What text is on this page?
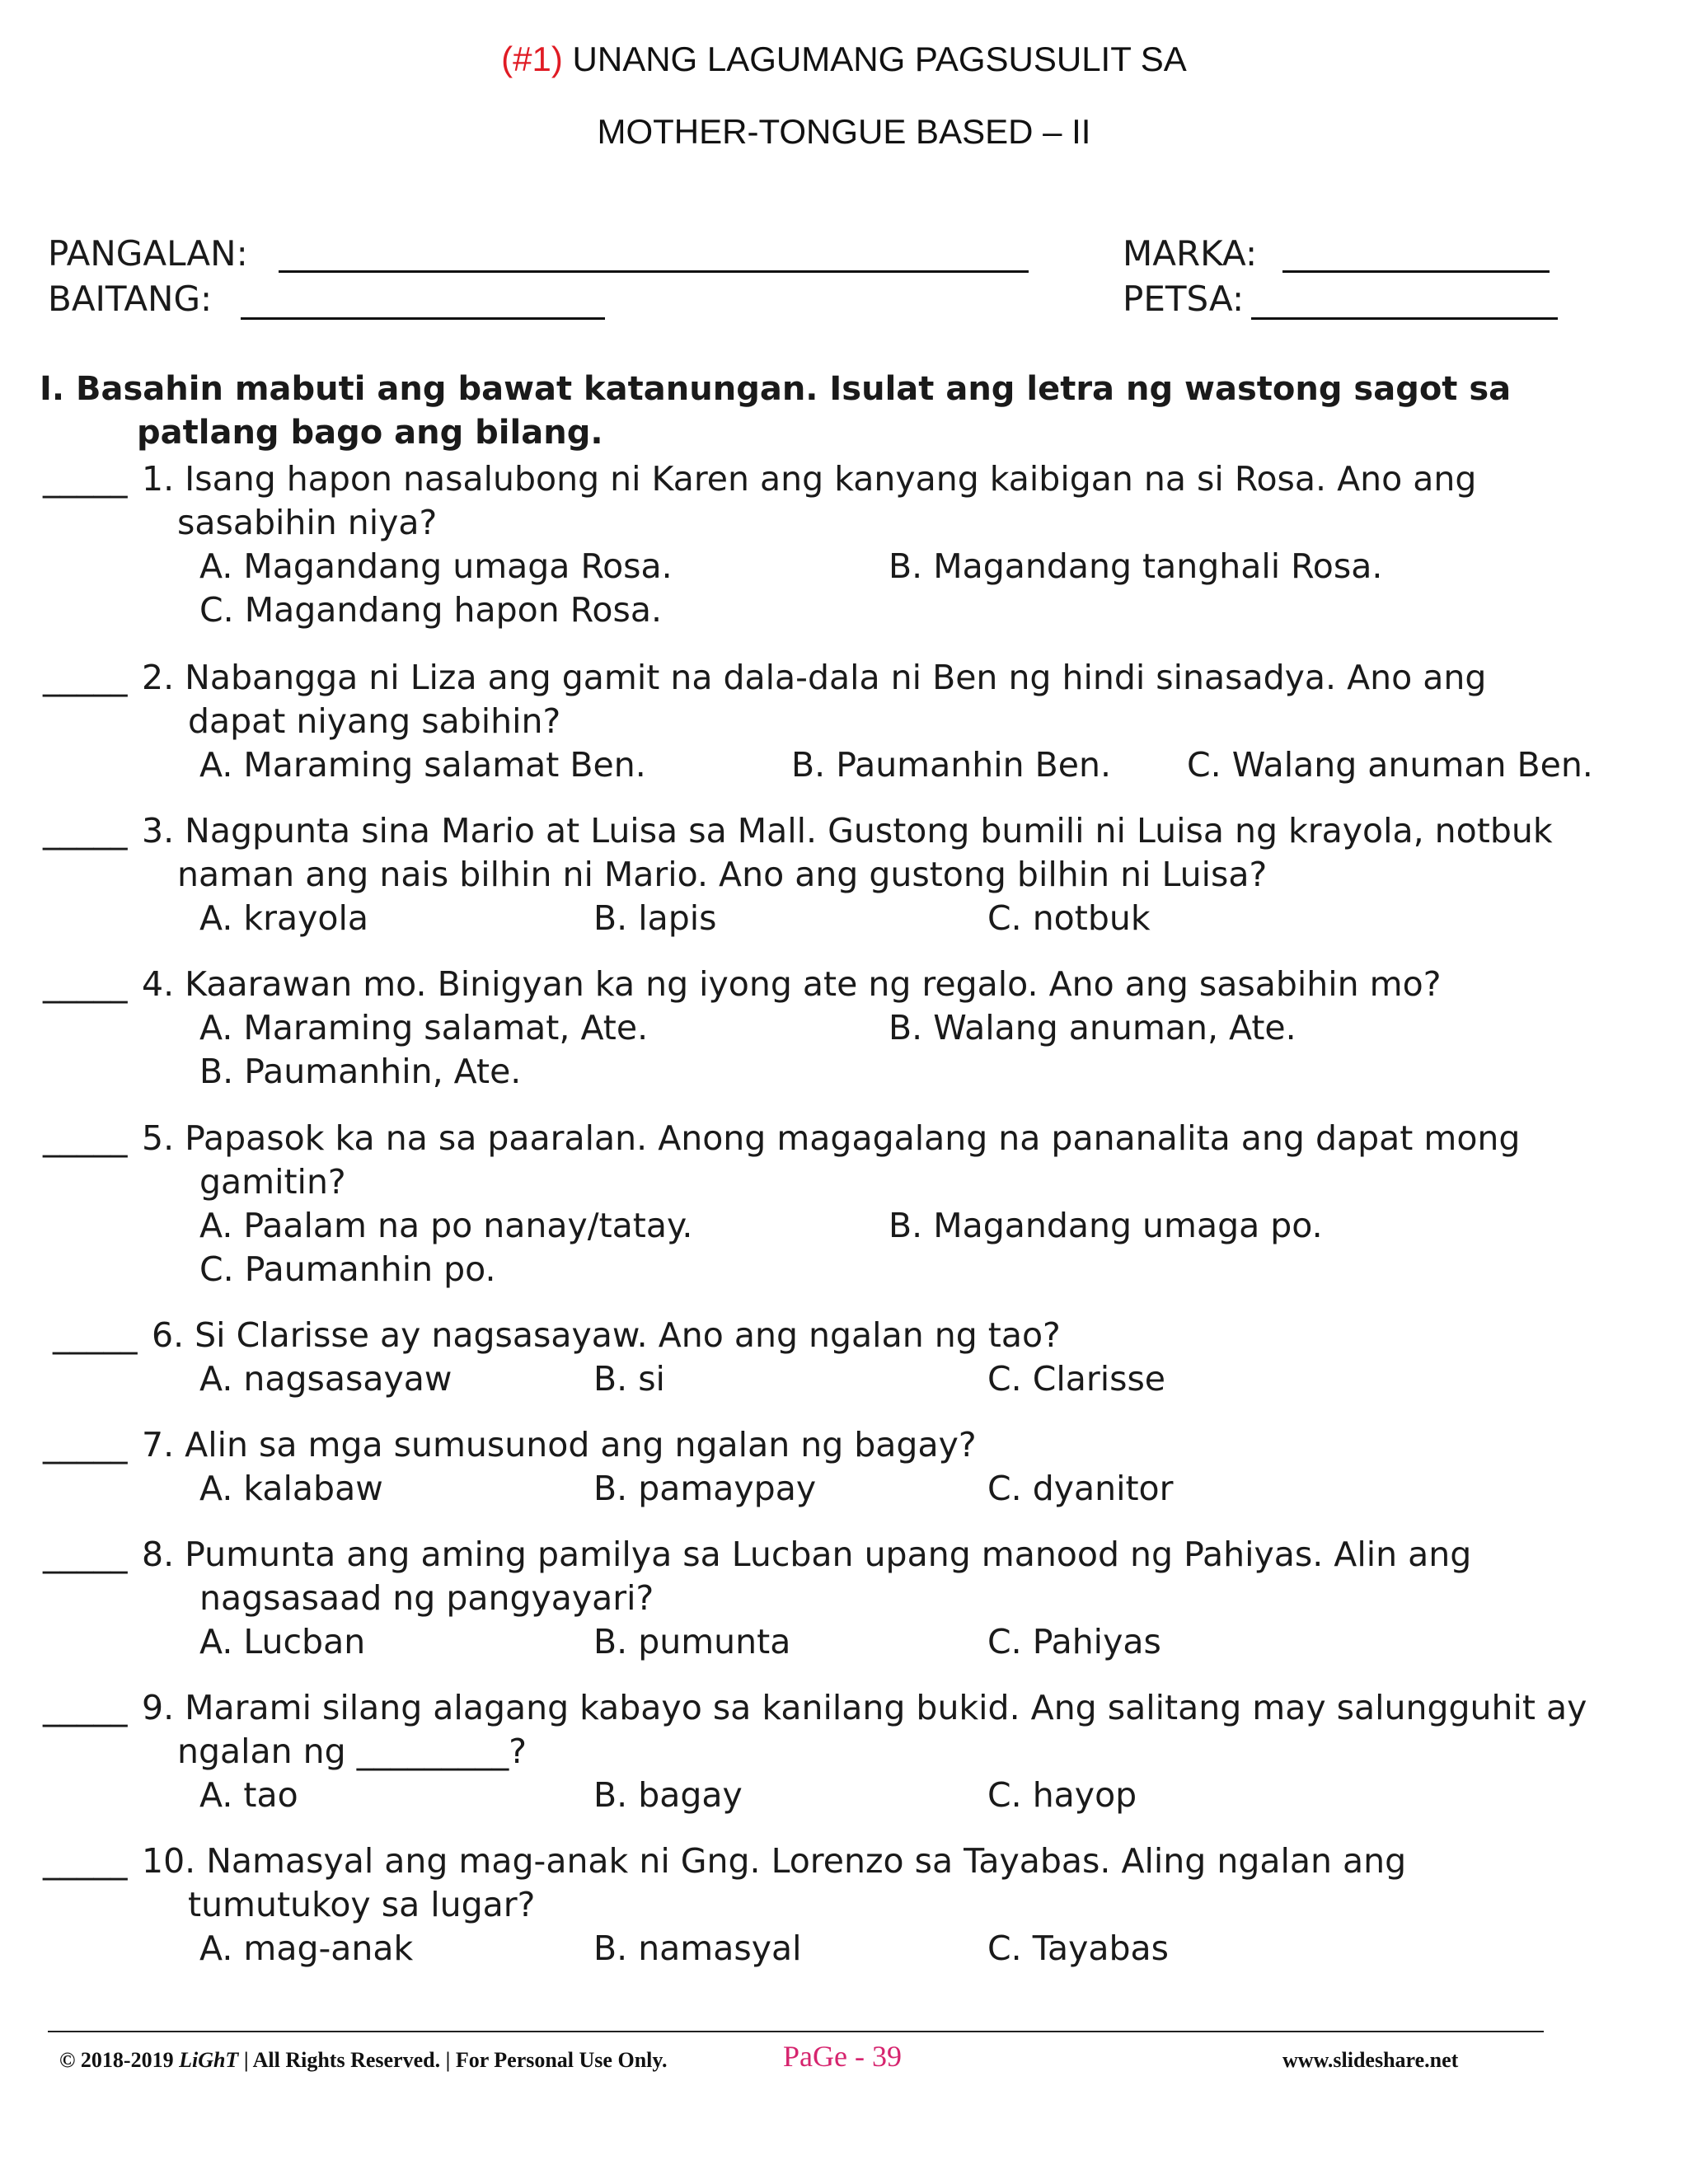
(#1) UNANG LAGUMANG PAGSUSULIT SA
MOTHER-TONGUE BASED – II
PANGALAN:	MARKA:
BAITANG:	PETSA:
I. Basahin mabuti ang bawat katanungan. Isulat ang letra ng wastong sagot sa patlang bago ang bilang.
_____ 1. Isang hapon nasalubong ni Karen ang kanyang kaibigan na si Rosa. Ano ang
sasabihin niya?
A. Magandang umaga Rosa.	B. Magandang tanghali Rosa.
C. Magandang hapon Rosa.
_____ 2. Nabangga ni Liza ang gamit na dala-dala ni Ben ng hindi sinasadya. Ano ang
dapat niyang sabihin?
A. Maraming salamat Ben.	B. Paumanhin Ben. C. Walang anuman Ben.
_____ 3. Nagpunta sina Mario at Luisa sa Mall. Gustong bumili ni Luisa ng krayola, notbuk
naman ang nais bilhin ni Mario. Ano ang gustong bilhin ni Luisa?
A. krayola	B. lapis	C. notbuk
_____ 4. Kaarawan mo. Binigyan ka ng iyong ate ng regalo. Ano ang sasabihin mo?
A. Maraming salamat, Ate.	B. Walang anuman, Ate.
B. Paumanhin, Ate.
_____ 5. Papasok ka na sa paaralan. Anong magagalang na pananalita ang dapat mong
gamitin?
A. Paalam na po nanay/tatay.	B. Magandang umaga po.
C. Paumanhin po.
_____ 6. Si Clarisse ay nagsasayaw. Ano ang ngalan ng tao?
A. nagsasayaw	B. si	C. Clarisse
_____ 7. Alin sa mga sumusunod ang ngalan ng bagay?
A. kalabaw	B. pamaypay	C. dyanitor
_____ 8. Pumunta ang aming pamilya sa Lucban upang manood ng Pahiyas. Alin ang
nagsasaad ng pangyayari?
A. Lucban	B. pumunta	C. Pahiyas
_____ 9. Marami silang alagang kabayo sa kanilang bukid. Ang salitang may salungguhit ay
ngalan ng _________?
A. tao	B. bagay	C. hayop
_____ 10. Namasyal ang mag-anak ni Gng. Lorenzo sa Tayabas. Aling ngalan ang
tumutukoy sa lugar?
A. mag-anak	B. namasyal	C. Tayabas
© 2018-2019 LiGhT | All Rights Reserved. | For Personal Use Only.	PaGe - 39	www.slideshare.net
